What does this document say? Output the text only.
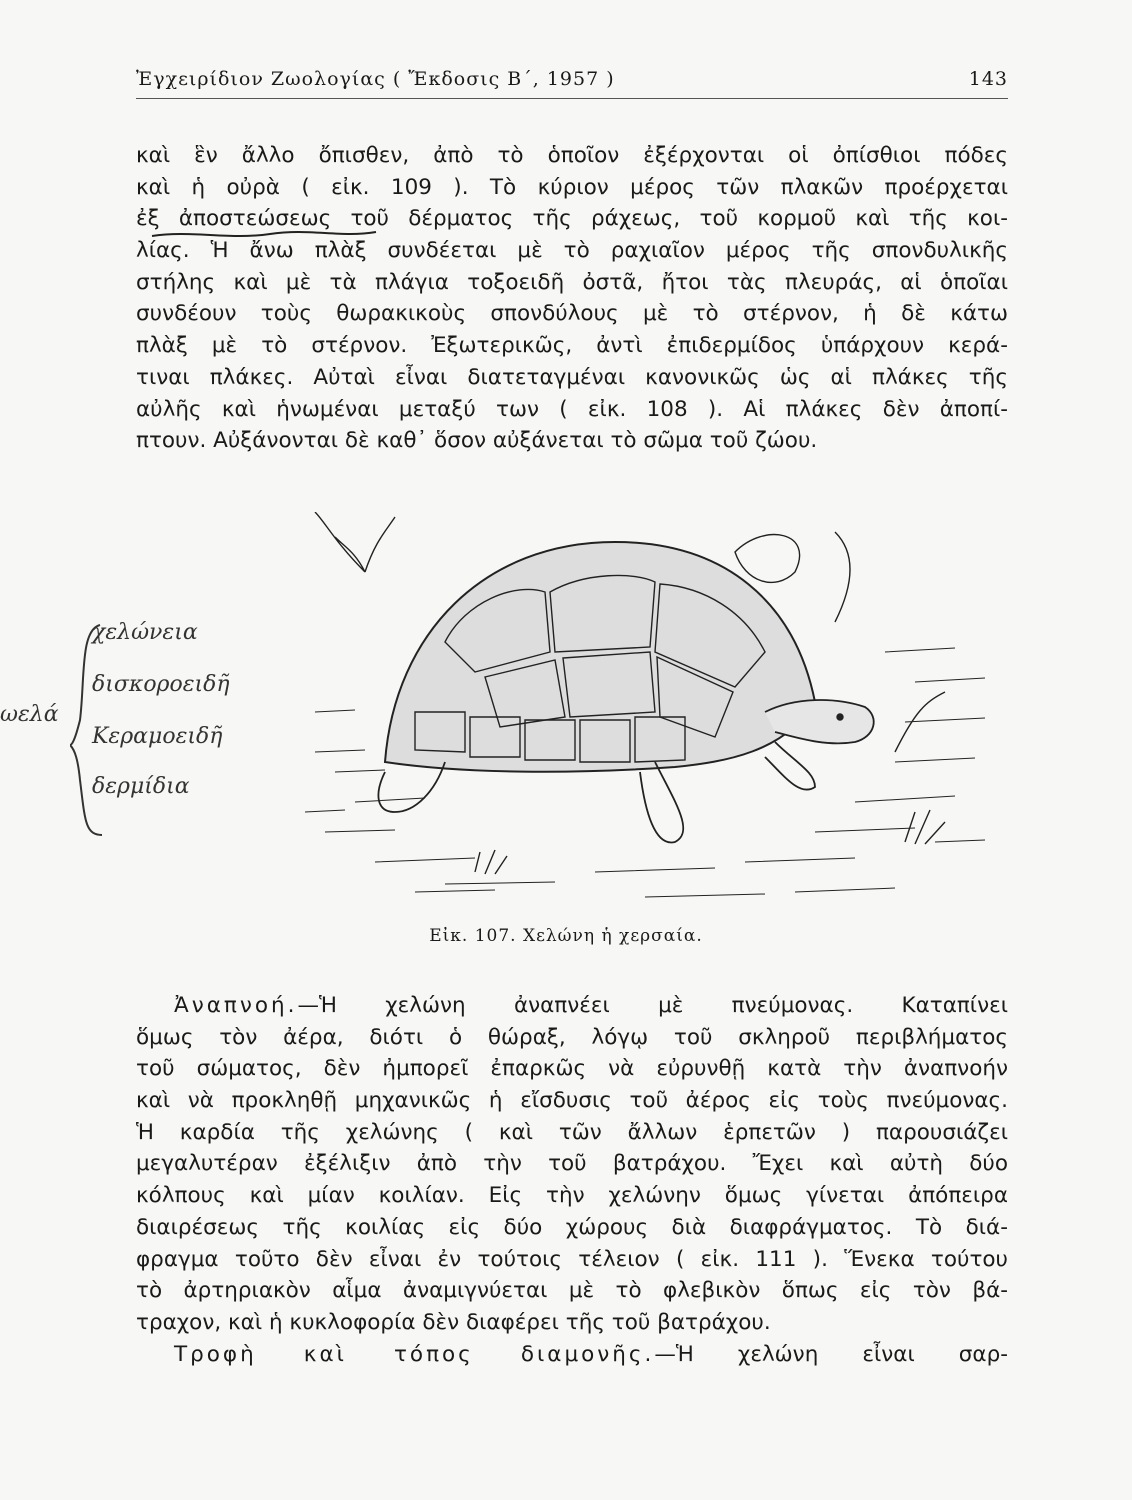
Ἐγχειρίδιον Ζωολογίας ( Ἔκδοσις Β΄, 1957 )	143
καὶ ἓν ἄλλο ὄπισθεν, ἀπὸ τὸ ὁποῖον ἐξέρχονται οἱ ὀπίσθιοι πόδες
καὶ ἡ οὐρὰ ( εἰκ. 109 ). Τὸ κύριον μέρος τῶν πλακῶν προέρχεται
ἐξ ἀποστεώσεως τοῦ δέρματος τῆς ράχεως, τοῦ κορμοῦ καὶ τῆς κοι-
λίας. Ἡ ἄνω πλὰξ συνδέεται μὲ τὸ ραχιαῖον μέρος τῆς σπονδυλικῆς
στήλης καὶ μὲ τὰ πλάγια τοξοειδῆ ὀστᾶ, ἤτοι τὰς πλευράς, αἱ ὁποῖαι
συνδέουν τοὺς θωρακικοὺς σπονδύλους μὲ τὸ στέρνον, ἡ δὲ κάτω
πλὰξ μὲ τὸ στέρνον. Ἐξωτερικῶς, ἀντὶ ἐπιδερμίδος ὑπάρχουν κερά-
τιναι πλάκες. Αὐταὶ εἶναι διατεταγμέναι κανονικῶς ὡς αἱ πλάκες τῆς
αὐλῆς καὶ ἡνωμέναι μεταξύ των ( εἰκ. 108 ). Αἱ πλάκες δὲν ἀποπί-
πτουν. Αὐξάνονται δὲ καθ᾽ ὅσον αὐξάνεται τὸ σῶμα τοῦ ζώου.
Εἰκ. 107. Χελώνη ἡ χερσαία.
ωελά
χελώνεια
δισκοροειδῆ
Κεραμοειδῆ
δερμίδια
Ἀναπνοή.—Ἡ χελώνη ἀναπνέει μὲ πνεύμονας. Καταπίνει
ὅμως τὸν ἀέρα, διότι ὁ θώραξ, λόγῳ τοῦ σκληροῦ περιβλήματος
τοῦ σώματος, δὲν ἠμπορεῖ ἐπαρκῶς νὰ εὐρυνθῇ κατὰ τὴν ἀναπνοήν
καὶ νὰ προκληθῇ μηχανικῶς ἡ εἴσδυσις τοῦ ἀέρος εἰς τοὺς πνεύμονας.
Ἡ καρδία τῆς χελώνης ( καὶ τῶν ἄλλων ἑρπετῶν ) παρουσιάζει
μεγαλυτέραν ἐξέλιξιν ἀπὸ τὴν τοῦ βατράχου. Ἔχει καὶ αὐτὴ δύο
κόλπους καὶ μίαν κοιλίαν. Εἰς τὴν χελώνην ὅμως γίνεται ἀπόπειρα
διαιρέσεως τῆς κοιλίας εἰς δύο χώρους διὰ διαφράγματος. Τὸ διά-
φραγμα τοῦτο δὲν εἶναι ἐν τούτοις τέλειον ( εἰκ. 111 ). Ἕνεκα τούτου
τὸ ἀρτηριακὸν αἷμα ἀναμιγνύεται μὲ τὸ φλεβικὸν ὅπως εἰς τὸν βά-
τραχον, καὶ ἡ κυκλοφορία δὲν διαφέρει τῆς τοῦ βατράχου.
Τροφὴ καὶ τόπος διαμονῆς.—Ἡ χελώνη εἶναι σαρ-
